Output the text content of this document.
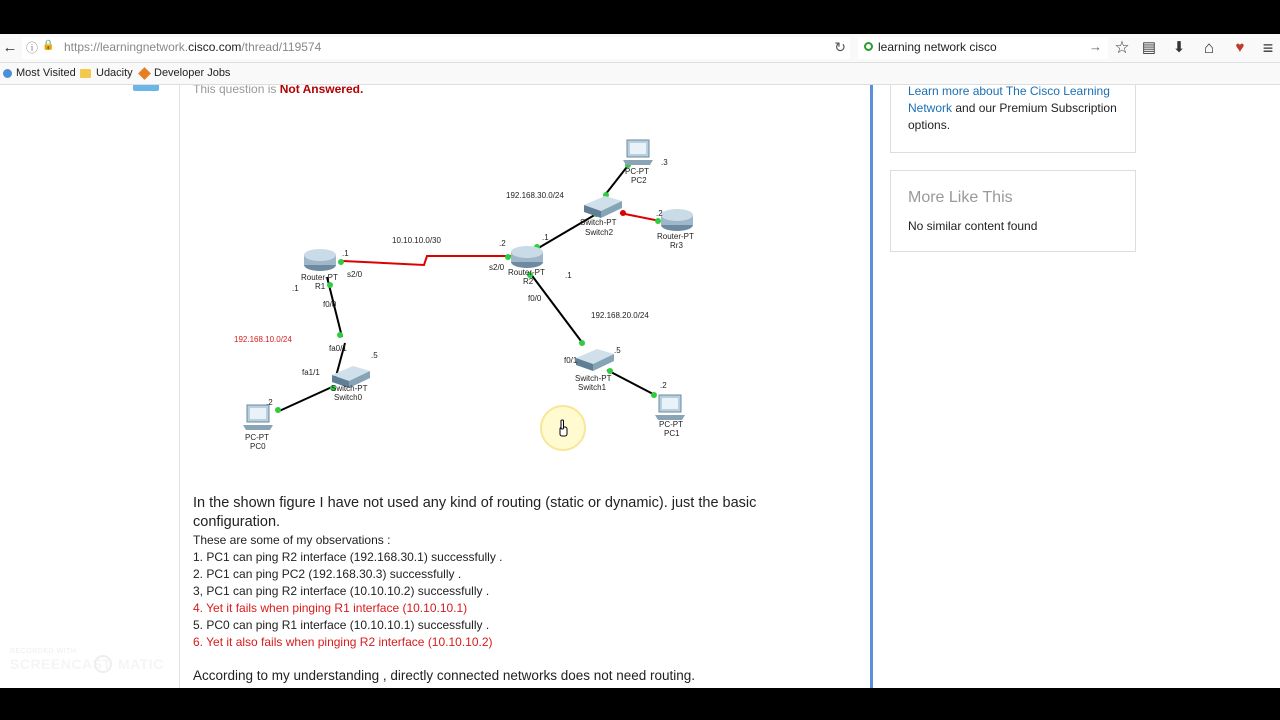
← ⓘ 🔒 https://learningnetwork.cisco.com/thread/119574	↻	learning network cisco	→ ☆ ▤ ⬇ ⌂	♥	≡
Most Visited Udacity Developer Jobs
This question is Not Answered.
192.168.30.0/24
.3
PC-PT
PC2
.1
.2
Switch-PT
Switch2	Router-PT
Rr3
10.10.10.0/30
.1
s2/0
Router-PT
R1
.1
.2
s2/0
Router-PT
R2
.1
f0/0
f0/0
192.168.10.0/24
fa0/1
.5
fa1/1
Switch-PT
Switch0
.2
PC-PT
PC0
192.168.20.0/24
f0/1
.5
Switch-PT
Switch1	.2
PC-PT
PC1
In the shown figure I have not used any kind of routing (static or dynamic). just the basic configuration.
These are some of my observations :
1. PC1 can ping R2 interface (192.168.30.1) successfully .
2. PC1 can ping PC2 (192.168.30.3) successfully .
3, PC1 can ping R2 interface (10.10.10.2) successfully .
4. Yet it fails when pinging R1 interface (10.10.10.1)
5. PC0 can ping R1 interface (10.10.10.1) successfully .
6. Yet it also fails when pinging R2 interface (10.10.10.2)
According to my understanding , directly connected networks does not need routing.
Learn more about The Cisco Learning Network and our Premium Subscription options.
More Like This
No similar content found
RECORDED WITH
SCREENCAST MATIC
